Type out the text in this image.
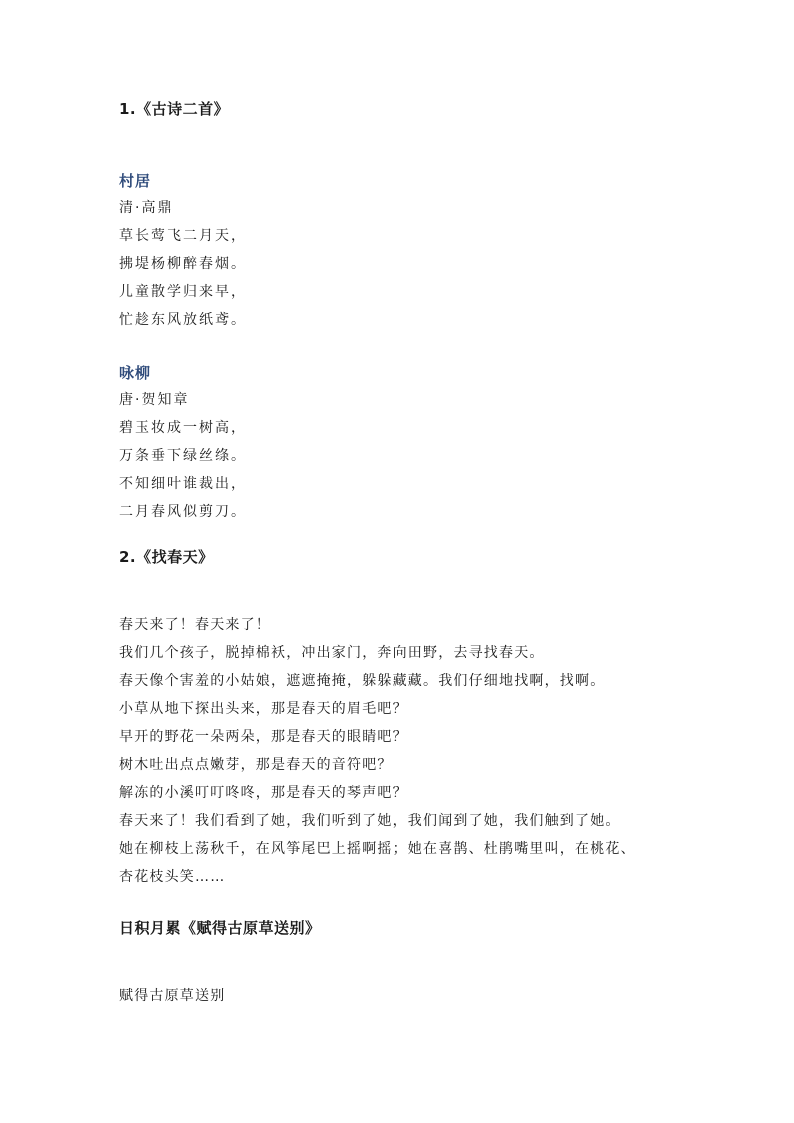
1.《古诗二首》
村居
清·高鼎
草长莺飞二月天，
拂堤杨柳醉春烟。
儿童散学归来早，
忙趁东风放纸鸢。
咏柳
唐·贺知章
碧玉妆成一树高，
万条垂下绿丝绦。
不知细叶谁裁出，
二月春风似剪刀。
2.《找春天》
春天来了！春天来了！
我们几个孩子，脱掉棉袄，冲出家门，奔向田野，去寻找春天。
春天像个害羞的小姑娘，遮遮掩掩，躲躲藏藏。我们仔细地找啊，找啊。
小草从地下探出头来，那是春天的眉毛吧？
早开的野花一朵两朵，那是春天的眼睛吧？
树木吐出点点嫩芽，那是春天的音符吧？
解冻的小溪叮叮咚咚，那是春天的琴声吧？
春天来了！我们看到了她，我们听到了她，我们闻到了她，我们触到了她。
她在柳枝上荡秋千，在风筝尾巴上摇啊摇；她在喜鹊、杜鹃嘴里叫，在桃花、
杏花枝头笑……
日积月累《赋得古原草送别》
赋得古原草送别
